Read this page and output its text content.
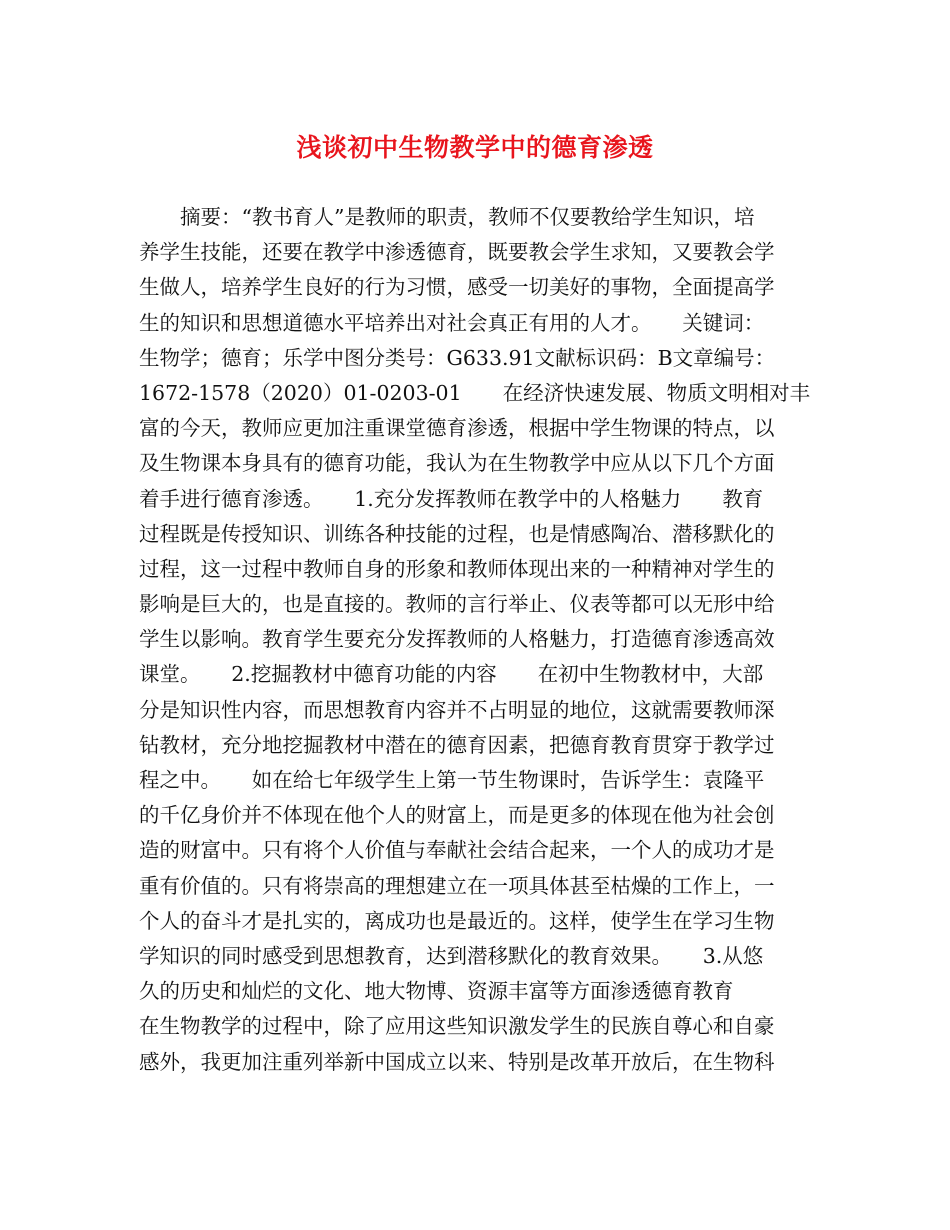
浅谈初中生物教学中的德育渗透
　　摘要：“教书育人”是教师的职责，教师不仅要教给学生知识，培
养学生技能，还要在教学中渗透德育，既要教会学生求知，又要教会学
生做人，培养学生良好的行为习惯，感受一切美好的事物，全面提高学
生的知识和思想道德水平培养出对社会真正有用的人才。　　关键词：
生物学；德育；乐学中图分类号：G633.91文献标识码：B文章编号：
1672-1578（2020）01-0203-01　　在经济快速发展、物质文明相对丰
富的今天，教师应更加注重课堂德育渗透，根据中学生物课的特点，以
及生物课本身具有的德育功能，我认为在生物教学中应从以下几个方面
着手进行德育渗透。　　1.充分发挥教师在教学中的人格魅力　　教育
过程既是传授知识、训练各种技能的过程，也是情感陶冶、潜移默化的
过程，这一过程中教师自身的形象和教师体现出来的一种精神对学生的
影响是巨大的，也是直接的。教师的言行举止、仪表等都可以无形中给
学生以影响。教育学生要充分发挥教师的人格魅力，打造德育渗透高效
课堂。　　2.挖掘教材中德育功能的内容　　在初中生物教材中，大部
分是知识性内容，而思想教育内容并不占明显的地位，这就需要教师深
钻教材，充分地挖掘教材中潜在的德育因素，把德育教育贯穿于教学过
程之中。　　如在给七年级学生上第一节生物课时，告诉学生：袁隆平
的千亿身价并不体现在他个人的财富上，而是更多的体现在他为社会创
造的财富中。只有将个人价值与奉献社会结合起来，一个人的成功才是
重有价值的。只有将崇高的理想建立在一项具体甚至枯燥的工作上，一
个人的奋斗才是扎实的，离成功也是最近的。这样，使学生在学习生物
学知识的同时感受到思想教育，达到潜移默化的教育效果。　　3.从悠
久的历史和灿烂的文化、地大物博、资源丰富等方面渗透德育教育　　
在生物教学的过程中，除了应用这些知识激发学生的民族自尊心和自豪
感外，我更加注重列举新中国成立以来、特别是改革开放后，在生物科
